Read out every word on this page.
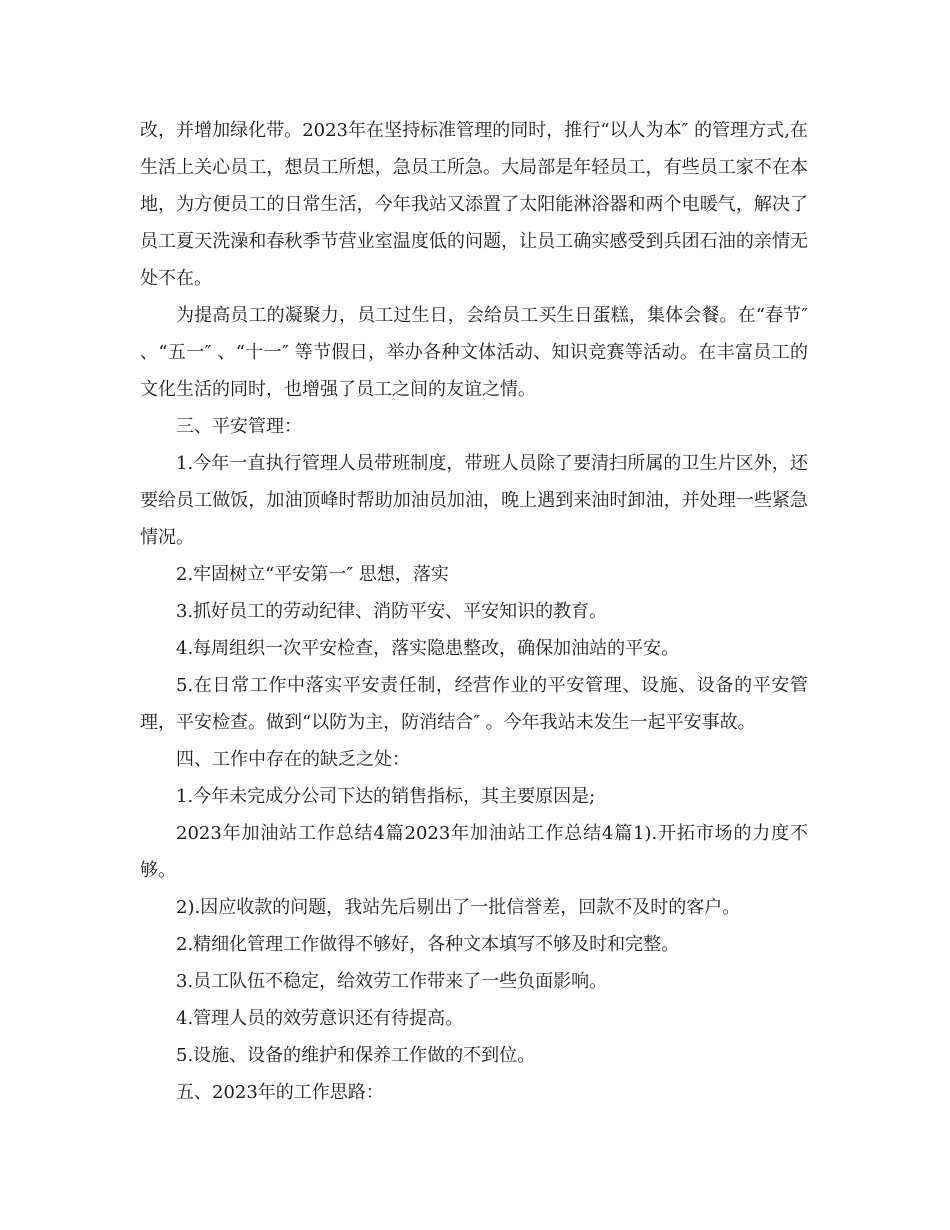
改，并增加绿化带。2023年在坚持标准管理的同时，推行“以人为本″ 的管理方式,在生活上关心员工，想员工所想，急员工所急。大局部是年轻员工，有些员工家不在本地，为方便员工的日常生活，今年我站又添置了太阳能淋浴器和两个电暖气，解决了员工夏天洗澡和春秋季节营业室温度低的问题，让员工确实感受到兵团石油的亲情无处不在。

为提高员工的凝聚力，员工过生日，会给员工买生日蛋糕，集体会餐。在“春节″ 、“五一″ 、“十一″ 等节假日，举办各种文体活动、知识竞赛等活动。在丰富员工的文化生活的同时，也增强了员工之间的友谊之情。

三、平安管理：

1.今年一直执行管理人员带班制度，带班人员除了要清扫所属的卫生片区外，还要给员工做饭，加油顶峰时帮助加油员加油，晚上遇到来油时卸油，并处理一些紧急情况。

2.牢固树立“平安第一″ 思想，落实

3.抓好员工的劳动纪律、消防平安、平安知识的教育。

4.每周组织一次平安检查，落实隐患整改，确保加油站的平安。

5.在日常工作中落实平安责任制，经营作业的平安管理、设施、设备的平安管理，平安检查。做到“以防为主，防消结合″ 。今年我站未发生一起平安事故。

四、工作中存在的缺乏之处：

1.今年未完成分公司下达的销售指标，其主要原因是;

2023年加油站工作总结4篇2023年加油站工作总结4篇1).开拓市场的力度不够。

2).因应收款的问题，我站先后剔出了一批信誉差，回款不及时的客户。

2.精细化管理工作做得不够好，各种文本填写不够及时和完整。

3.员工队伍不稳定，给效劳工作带来了一些负面影响。

4.管理人员的效劳意识还有待提高。

5.设施、设备的维护和保养工作做的不到位。

五、2023年的工作思路：
